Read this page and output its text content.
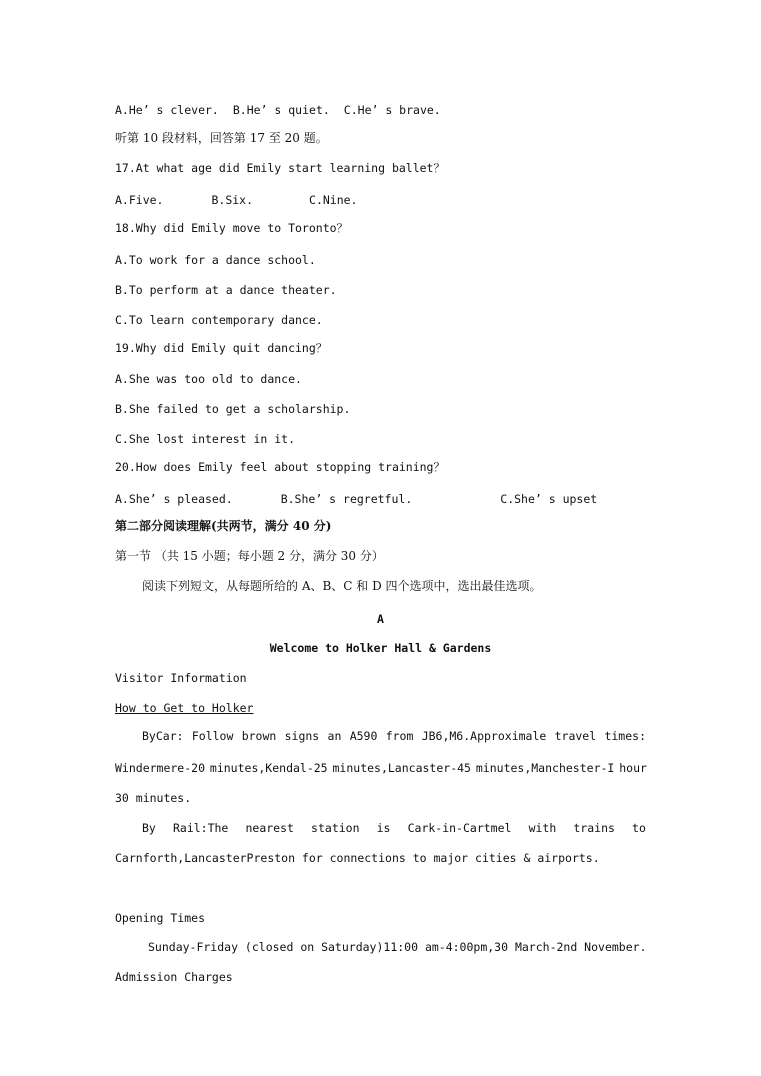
A.He’ s clever. B.He’ s quiet. C.He’ s brave.
听第 10 段材料，回答第 17 至 20 题。
17.At what age did Emily start learning ballet？
A.Five.	B.Six.	C.Nine.
18.Why did Emily move to Toronto？
A.To work for a dance school.
B.To perform at a dance theater.
C.To learn contemporary dance.
19.Why did Emily quit dancing？
A.She was too old to dance.
B.She failed to get a scholarship.
C.She lost interest in it.
20.How does Emily feel about stopping training？
A.She’ s pleased.	B.She’ s regretful.	C.She’ s upset
第二部分阅读理解(共两节，满分 40 分)
第一节 （共 15 小题；每小题 2 分，满分 30 分）
阅读下列短文，从每题所给的 A、B、C 和 D 四个选项中，选出最佳选项。
A
Welcome to Holker Hall & Gardens
Visitor Information
How to Get to Holker
ByCar: Follow brown signs an A590 from JB6,M6.Approximale travel times:
Windermere-20 minutes,Kendal-25 minutes,Lancaster-45 minutes,Manchester-I hour
30 minutes.
By Rail:The nearest station is Cark-in-Cartmel with trains to
Carnforth,LancasterPreston for connections to major cities & airports.
Opening Times
Sunday-Friday (closed on Saturday)11:00 am-4:00pm,30 March-2nd November.
Admission Charges
